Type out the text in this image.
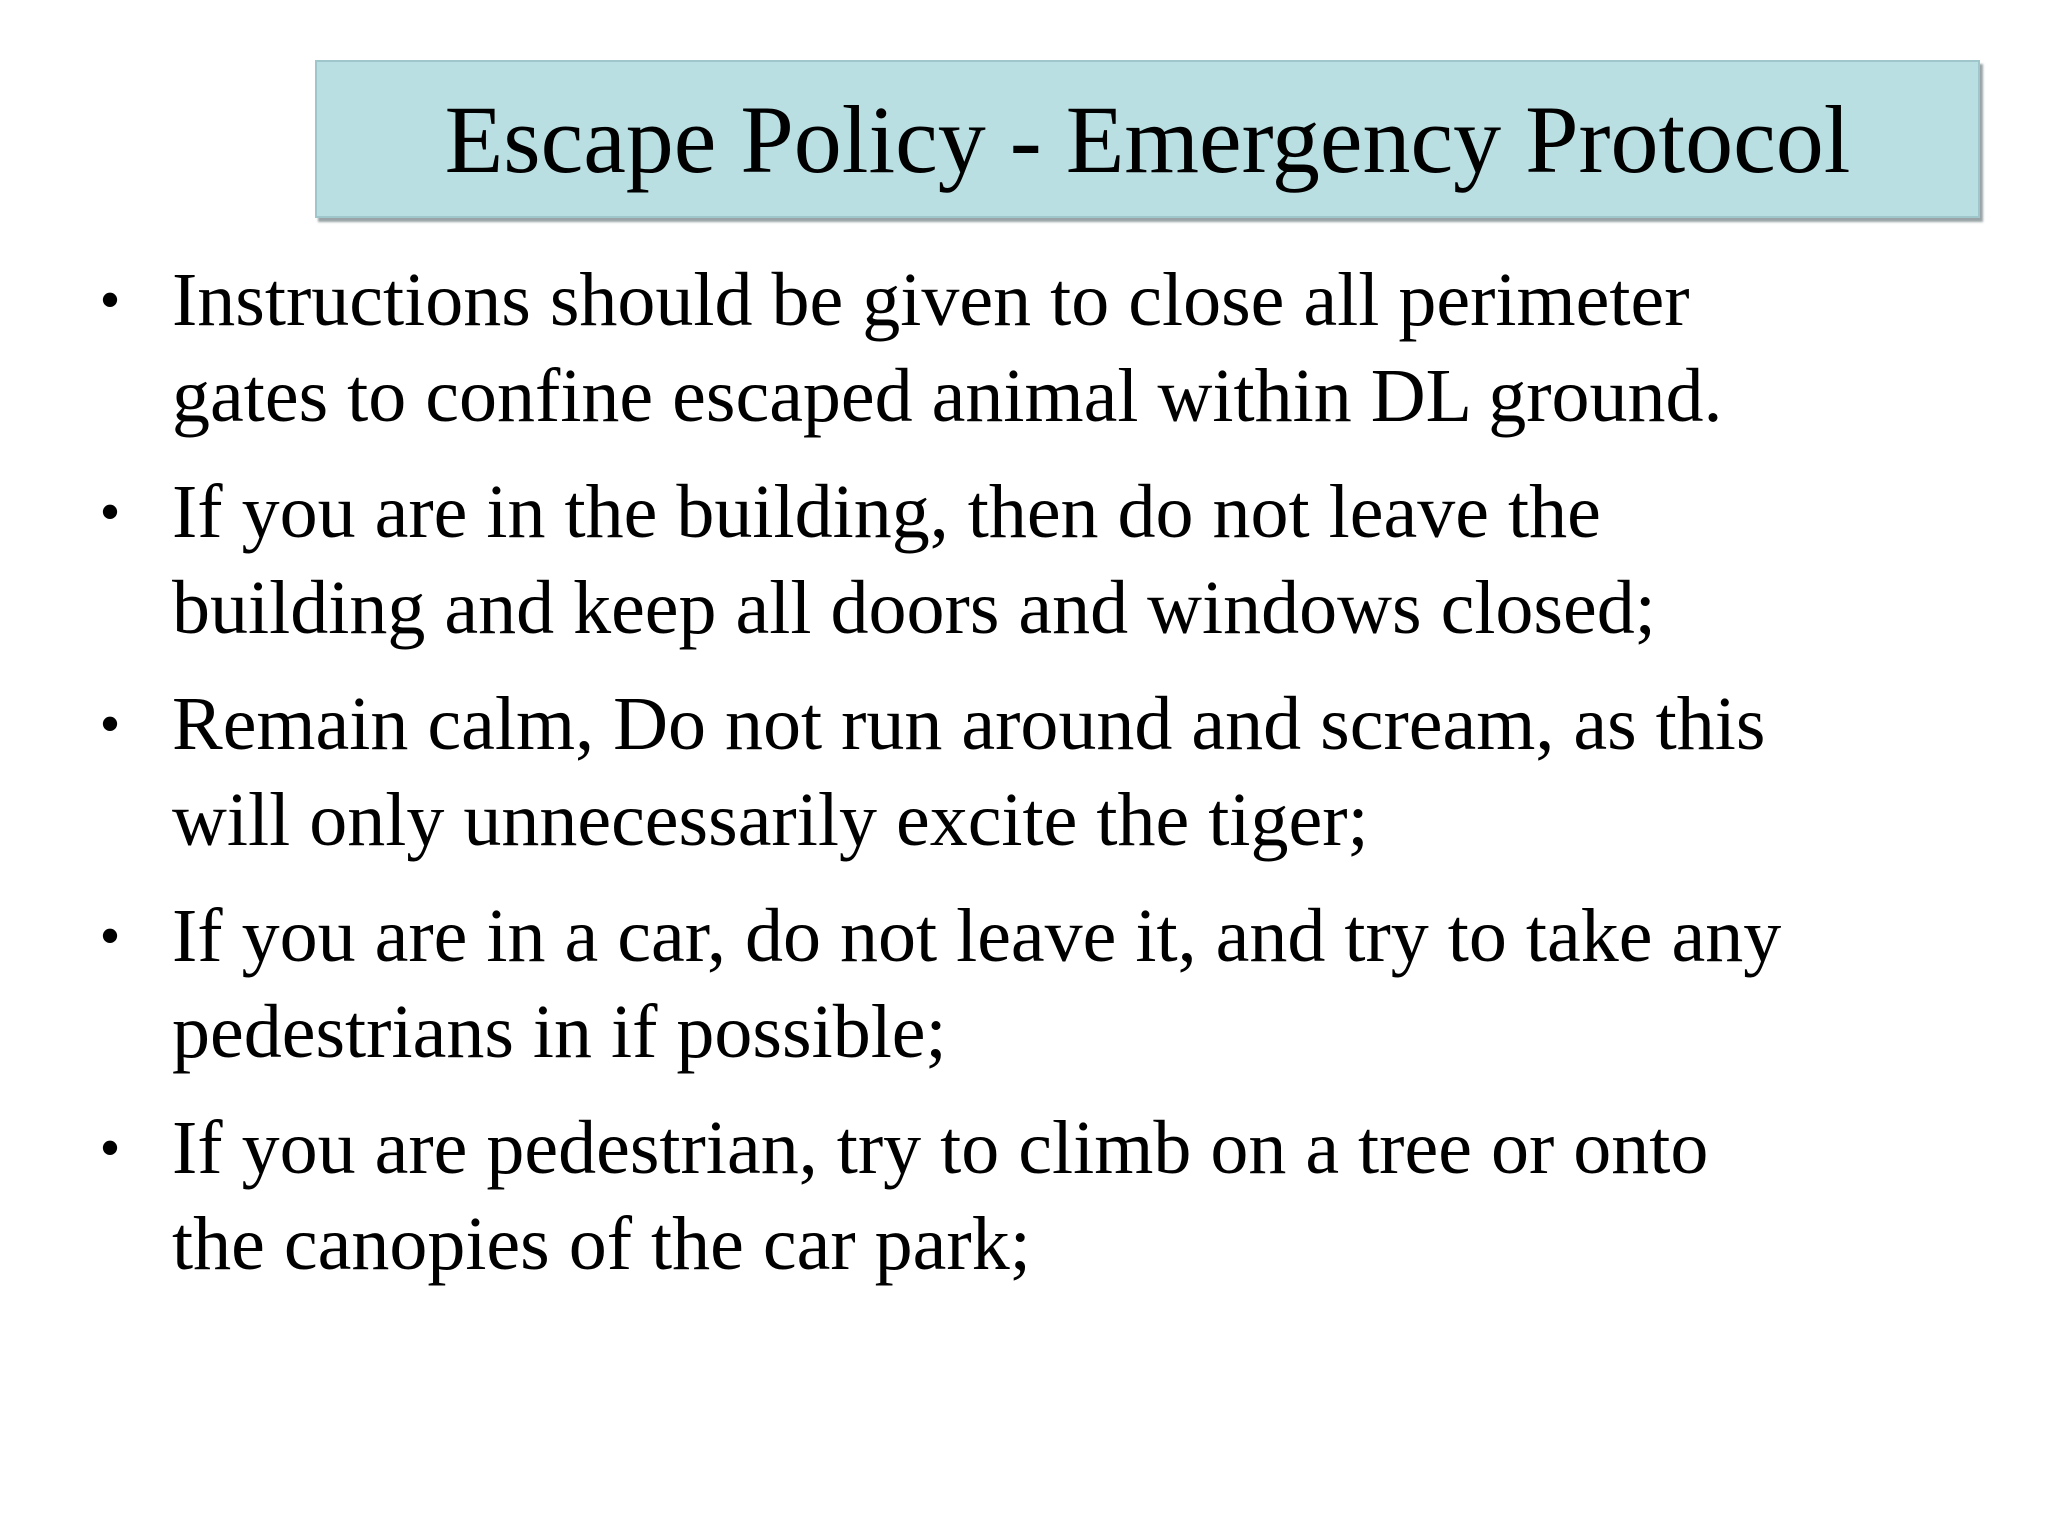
Escape Policy - Emergency Protocol
• Instructions should be given to close all perimeter
gates to confine escaped animal within DL ground.
• If you are in the building, then do not leave the
building and keep all doors and windows closed;
• Remain calm, Do not run around and scream, as this
will only unnecessarily excite the tiger;
• If you are in a car, do not leave it, and try to take any
pedestrians in if possible;
• If you are pedestrian, try to climb on a tree or onto
the canopies of the car park;
